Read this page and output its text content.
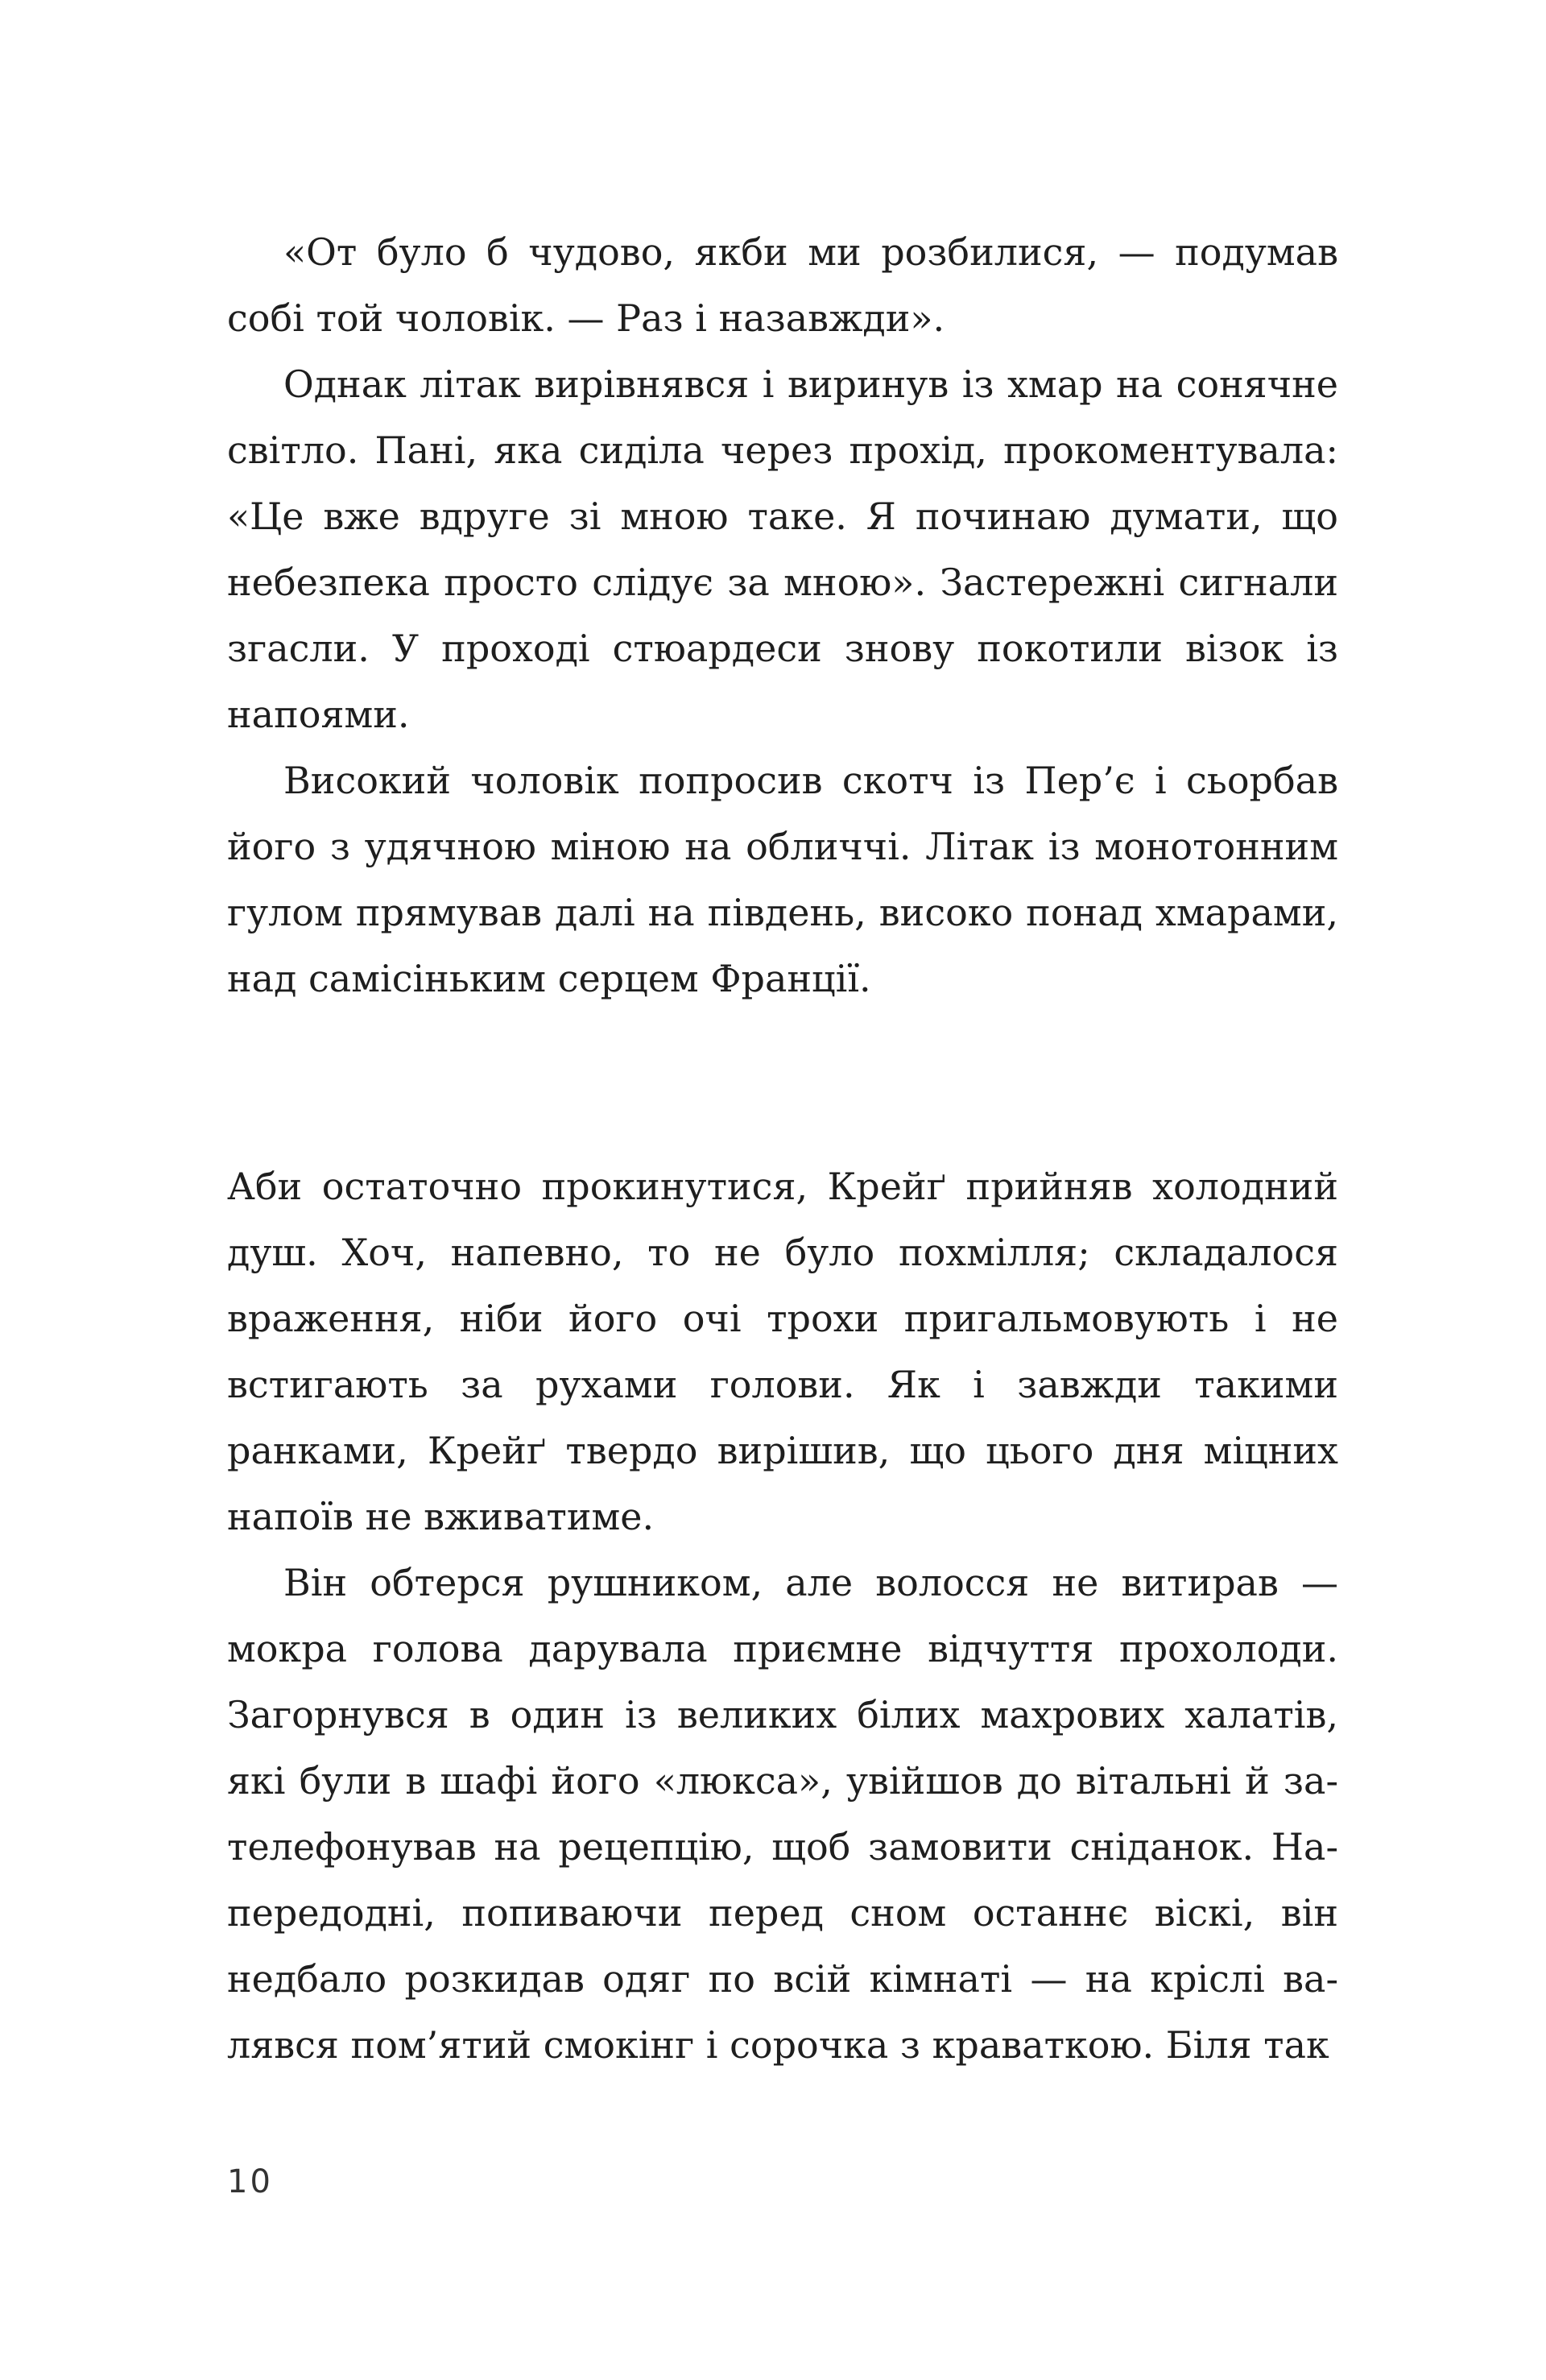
«От було б чудово, якби ми розбилися, — подумав собі той чоловік. — Раз і назавжди».

Однак літак вирівнявся і виринув із хмар на сонячне світло. Пані, яка сиділа через прохід, прокоментувала: «Це вже вдруге зі мною таке. Я починаю думати, що небезпека просто слідує за мною». Застережні сигнали згасли. У проході стюардеси знову покотили візок із напоями.

Високий чоловік попросив скотч із Пер’є і сьорбав його з удячною міною на обличчі. Літак із монотонним гулом прямував далі на південь, високо понад хмарами, над самісіньким серцем Франції.

Аби остаточно прокинутися, Крейґ прийняв холодний душ. Хоч, напевно, то не було похмілля; складалося враження, ніби його очі трохи пригальмовують і не встигають за рухами голови. Як і завжди такими ранками, Крейґ твердо вирішив, що цього дня міцних напоїв не вживатиме.

Він обтерся рушником, але волосся не витирав — мокра голова дарувала приємне відчуття прохолоди. Загорнувся в один із великих білих махрових халатів, які були в шафі його «люкса», увійшов до вітальні й зателефонував на рецепцію, щоб замовити сніданок. Напередодні, попиваючи перед сном останнє віскі, він недбало розкидав одяг по всій кімнаті — на кріслі валявся пом’ятий смокінг і сорочка з краваткою. Біля так

10
